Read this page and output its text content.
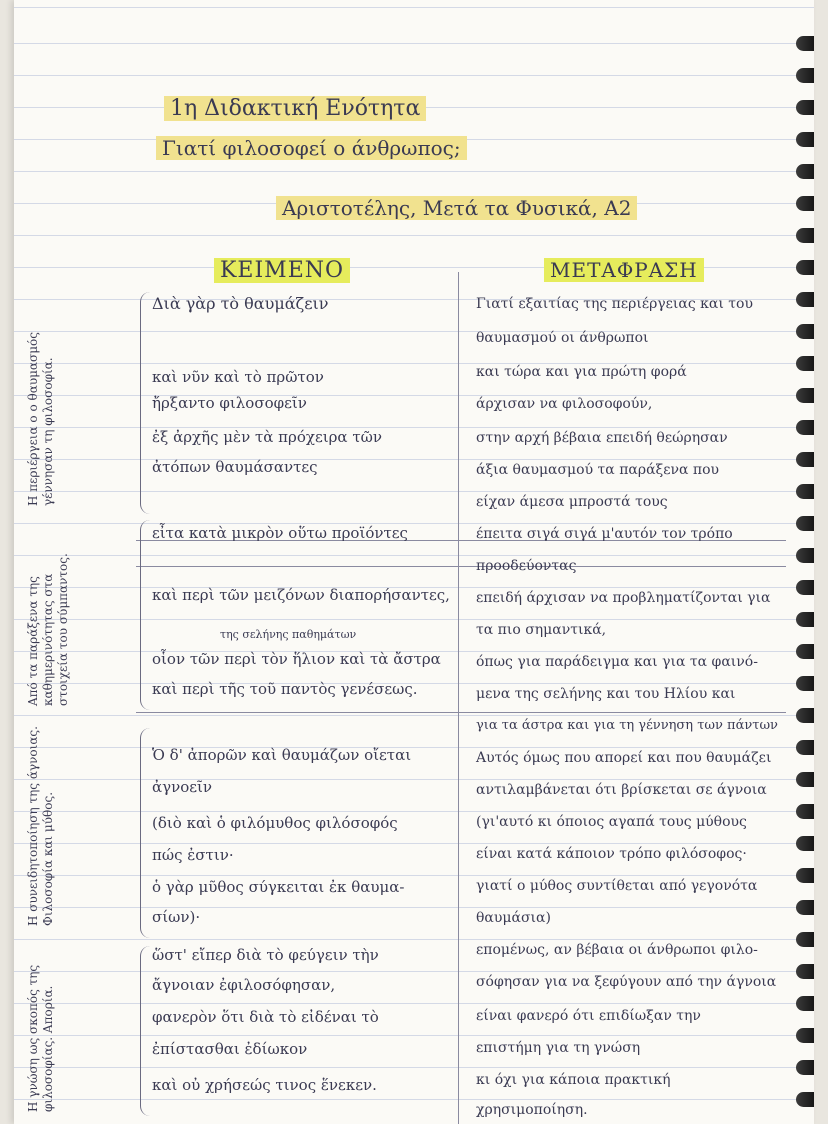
1η Διδακτική Ενότητα
Γιατί φιλοσοφεί ο άνθρωπος;
Αριστοτέλης, Μετά τα Φυσικά, Α2
ΚΕΙΜΕΝΟ	ΜΕΤΑΦΡΑΣΗ
Η περιέργεια ο ο θαυμασμός γέννησαν τη φιλοσοφία.
Από τα παράξενα της καθημερινότητας στα στοιχεία του σύμπαντος.
Η συνειδητοποίηση της άγνοιας. Φιλοσοφία και μύθος.
Η γνώση ως σκοπός της φιλοσοφίας. Απορία.
Διὰ γὰρ τὸ θαυμάζειν
καὶ νῦν καὶ τὸ πρῶτον
ἤρξαντο φιλοσοφεῖν
ἐξ ἀρχῆς μὲν τὰ πρόχειρα τῶν
ἀτόπων θαυμάσαντες
εἶτα κατὰ μικρὸν οὕτω προϊόντες
καὶ περὶ τῶν μειζόνων διαπορήσαντες,
της σελήνης παθημάτων
οἷον τῶν περὶ τὸν ἥλιον καὶ τὰ ἄστρα
καὶ περὶ τῆς τοῦ παντὸς γενέσεως.
Ὁ δ' ἀπορῶν καὶ θαυμάζων οἴεται
ἀγνοεῖν
(διὸ καὶ ὁ φιλόμυθος φιλόσοφός
πώς ἐστιν·
ὁ γὰρ μῦθος σύγκειται ἐκ θαυμα-
σίων)·
ὥστ' εἴπερ διὰ τὸ φεύγειν τὴν
ἄγνοιαν ἐφιλοσόφησαν,
φανερὸν ὅτι διὰ τὸ εἰδέναι τὸ
ἐπίστασθαι ἐδίωκον
καὶ οὐ χρήσεώς τινος ἕνεκεν.
Γιατί εξαιτίας της περιέργειας και του
θαυμασμού οι άνθρωποι
και τώρα και για πρώτη φορά
άρχισαν να φιλοσοφούν,
στην αρχή βέβαια επειδή θεώρησαν
άξια θαυμασμού τα παράξενα που
είχαν άμεσα μπροστά τους
έπειτα σιγά σιγά μ'αυτόν τον τρόπο
προοδεύοντας
επειδή άρχισαν να προβληματίζονται για
τα πιο σημαντικά,
όπως για παράδειγμα και για τα φαινό-
μενα της σελήνης και του Ηλίου και
για τα άστρα και για τη γέννηση των πάντων
Αυτός όμως που απορεί και που θαυμάζει
αντιλαμβάνεται ότι βρίσκεται σε άγνοια
(γι'αυτό κι όποιος αγαπά τους μύθους
είναι κατά κάποιον τρόπο φιλόσοφος·
γιατί ο μύθος συντίθεται από γεγονότα
θαυμάσια)
επομένως, αν βέβαια οι άνθρωποι φιλο-
σόφησαν για να ξεφύγουν από την άγνοια
είναι φανερό ότι επιδίωξαν την
επιστήμη για τη γνώση
κι όχι για κάποια πρακτική
χρησιμοποίηση.
